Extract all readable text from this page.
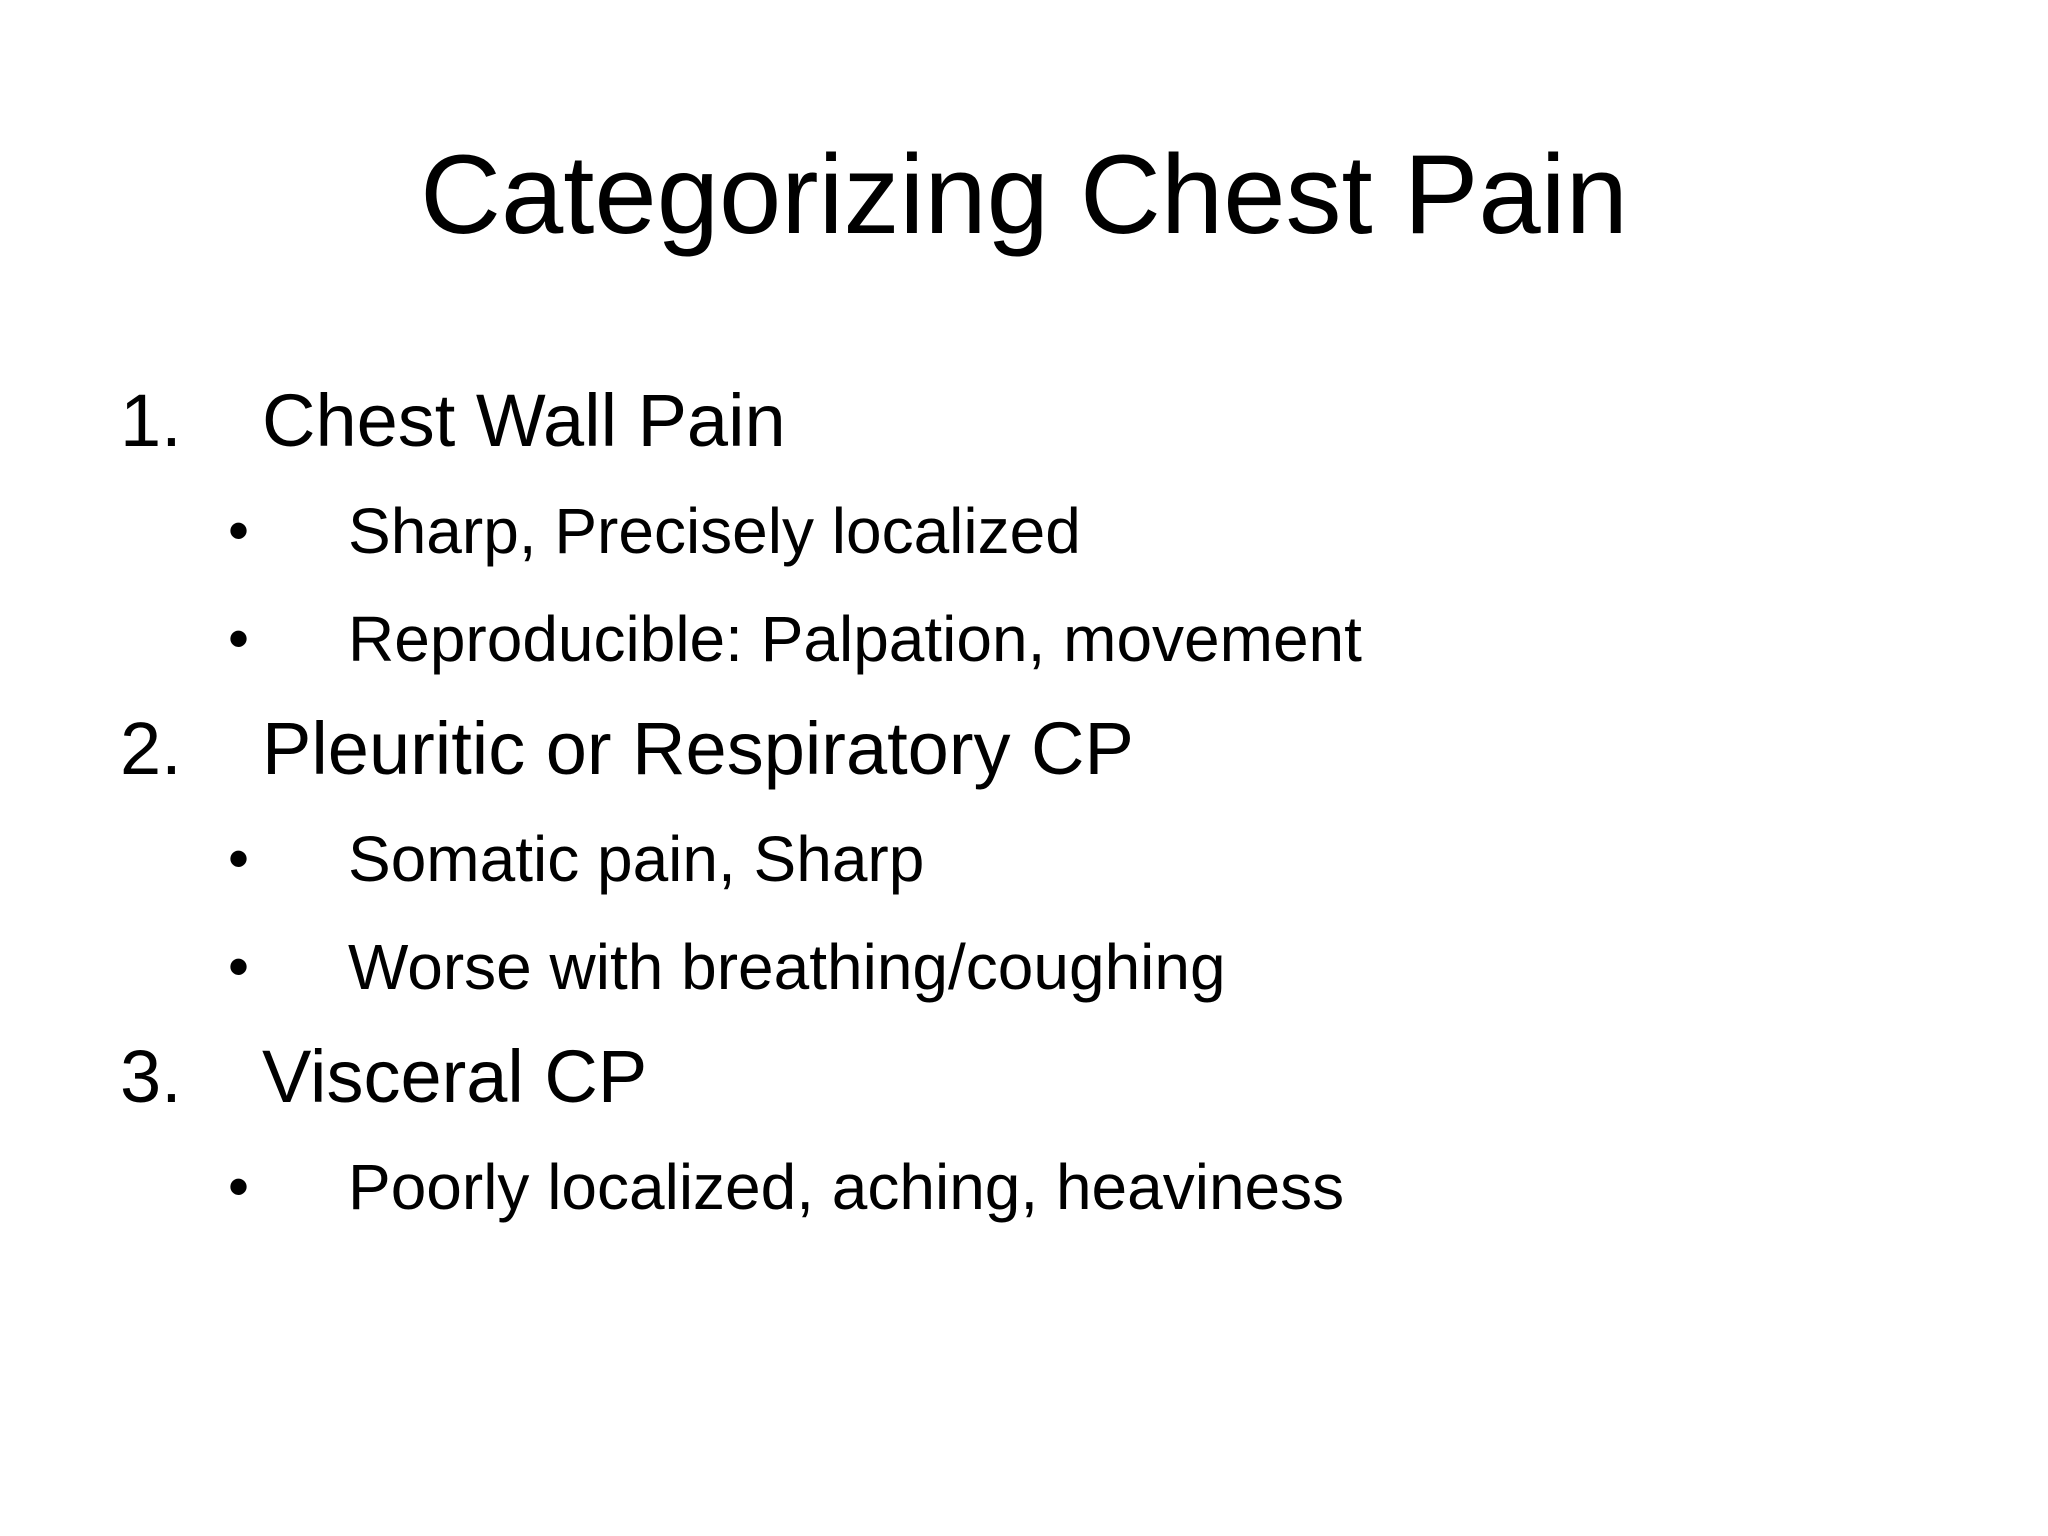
Categorizing Chest Pain
1. Chest Wall Pain
• Sharp, Precisely localized
• Reproducible: Palpation, movement
2. Pleuritic or Respiratory CP
• Somatic pain, Sharp
• Worse with breathing/coughing
3. Visceral CP
• Poorly localized, aching, heaviness
